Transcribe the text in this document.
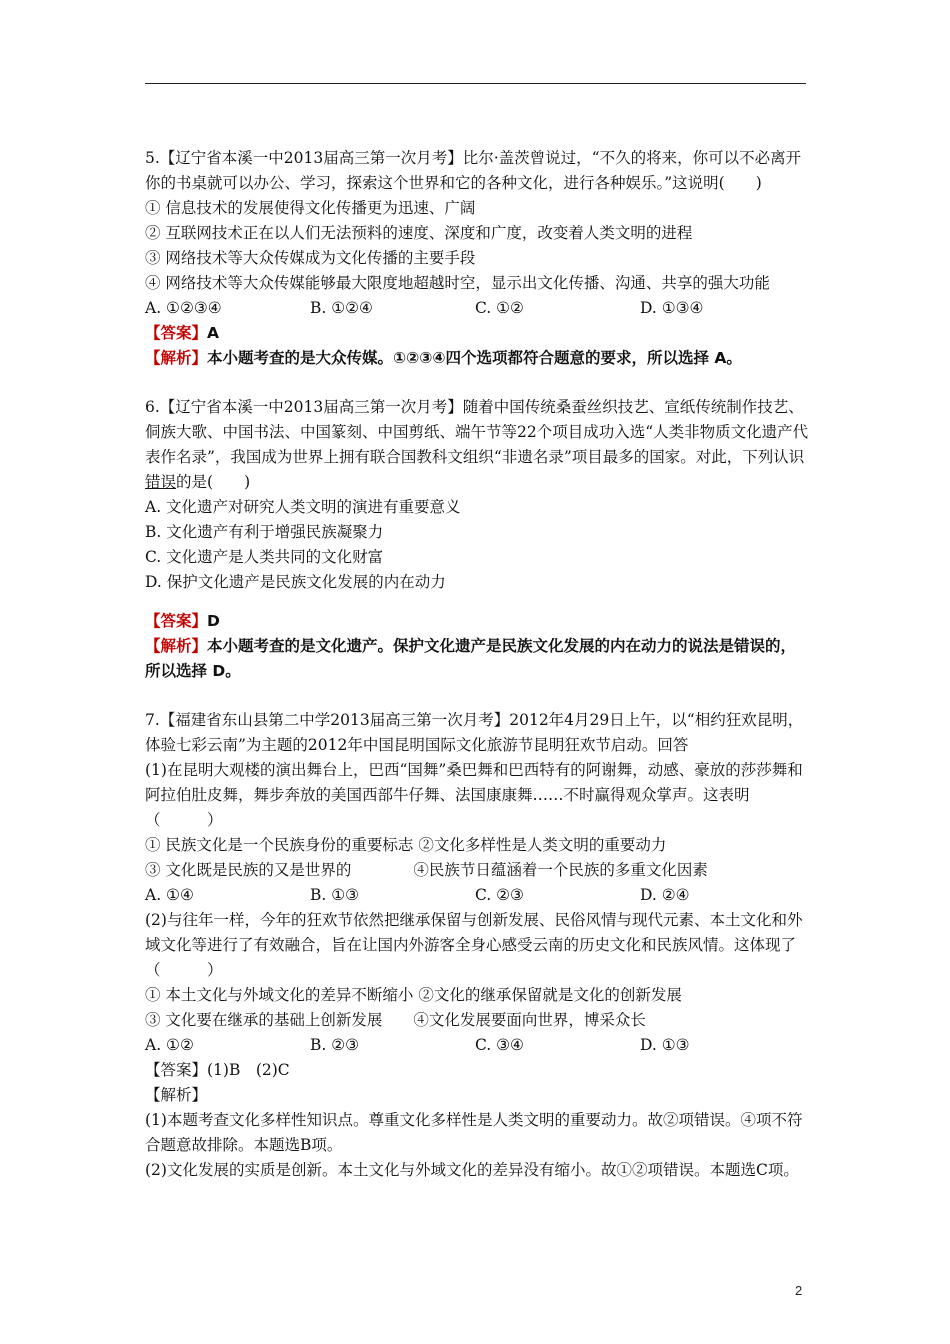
5.【辽宁省本溪一中2013届高三第一次月考】比尔·盖茨曾说过，“不久的将来，你可以不必离开你的书桌就可以办公、学习，探索这个世界和它的各种文化，进行各种娱乐。”这说明(　　)
① 信息技术的发展使得文化传播更为迅速、广阔
② 互联网技术正在以人们无法预料的速度、深度和广度，改变着人类文明的进程
③ 网络技术等大众传媒成为文化传播的主要手段
④ 网络技术等大众传媒能够最大限度地超越时空，显示出文化传播、沟通、共享的强大功能
A. ①②③④	B. ①②④	C. ①②	D. ①③④
【答案】A
【解析】本小题考查的是大众传媒。①②③④四个选项都符合题意的要求，所以选择 A。
6.【辽宁省本溪一中2013届高三第一次月考】随着中国传统桑蚕丝织技艺、宣纸传统制作技艺、侗族大歌、中国书法、中国篆刻、中国剪纸、端午节等22个项目成功入选“人类非物质文化遗产代表作名录”，我国成为世界上拥有联合国教科文组织“非遗名录”项目最多的国家。对此，下列认识错误的是(　　)
A. 文化遗产对研究人类文明的演进有重要意义
B. 文化遗产有利于增强民族凝聚力
C. 文化遗产是人类共同的文化财富
D. 保护文化遗产是民族文化发展的内在动力
【答案】D
【解析】本小题考查的是文化遗产。保护文化遗产是民族文化发展的内在动力的说法是错误的，所以选择 D。
7.【福建省东山县第二中学2013届高三第一次月考】2012年4月29日上午，以“相约狂欢昆明，体验七彩云南”为主题的2012年中国昆明国际文化旅游节昆明狂欢节启动。回答
(1)在昆明大观楼的演出舞台上，巴西“国舞”桑巴舞和巴西特有的阿谢舞，动感、豪放的莎莎舞和阿拉伯肚皮舞，舞步奔放的美国西部牛仔舞、法国康康舞……不时赢得观众掌声。这表明（　　　）
① 民族文化是一个民族身份的重要标志 ②文化多样性是人类文明的重要动力
③ 文化既是民族的又是世界的　　　　④民族节日蕴涵着一个民族的多重文化因素
A. ①④	B. ①③	C. ②③	D. ②④
(2)与往年一样，今年的狂欢节依然把继承保留与创新发展、民俗风情与现代元素、本土文化和外域文化等进行了有效融合，旨在让国内外游客全身心感受云南的历史文化和民族风情。这体现了（　　　）
① 本土文化与外域文化的差异不断缩小 ②文化的继承保留就是文化的创新发展
③ 文化要在继承的基础上创新发展　　④文化发展要面向世界，博采众长
A. ①②	B. ②③	C. ③④	D. ①③
【答案】(1)B　(2)C
【解析】
(1)本题考查文化多样性知识点。尊重文化多样性是人类文明的重要动力。故②项错误。④项不符合题意故排除。本题选B项。
(2)文化发展的实质是创新。本土文化与外域文化的差异没有缩小。故①②项错误。本题选C项。
2
